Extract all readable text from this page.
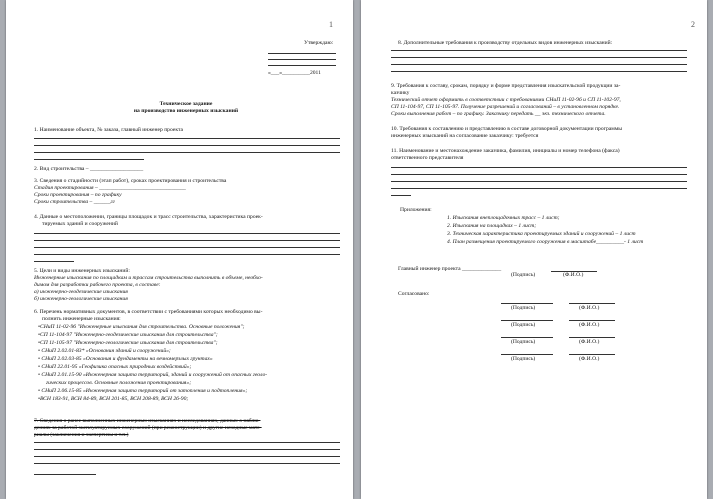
1
Утверждаю:
«___»__________2011
Техническое задание
на производство инженерных изысканий
1. Наименование объекта, № заказа, главный инженер проекта
2. Вид строительства – ___________________
3. Сведения о стадийности (этап работ), сроках проектирования и строительства
Стадия проектирования – _______________________________
Сроки проектирования – по графику
Сроки строительства – ______гг
4. Данные о местоположении, границы площадок и трасс строительства, характеристика проек-
тируемых зданий и сооружений
5. Цели и виды инженерных изысканий:
Инженерные изыскания по площадкам и трассам строительства выполнить в объеме, необхо-
димом для разработки рабочего проекта, в составе:
а) инженерно-геодезические изыскания
б) инженерно-геологические изыскания
6. Перечень нормативных документов, в соответствии с требованиями которых необходимо вы-
полнить инженерные изыскания:
•СНиП 11-02-96 "Инженерные изыскания для строительства. Основные положения";
•СП 11-104-97 "Инженерно-геодезические изыскания для строительства";
•СП 11-105-97 "Инженерно-геологические изыскания для строительства";
• СНиП 2.02.01-83* «Основания зданий и сооружений»;
• СНиП 2.02.03-85 «Основания и фундаменты на вечномерзлых грунтах»
• СНиП 22.01-95 «Геофизика опасных природных воздействий»;
• СНиП 2.01.15-90 «Инженерная защита территорий, зданий и сооружений от опасных геоло-
гических процессов. Основные положения проектирования»;
• СНиП 2.06.15-85 «Инженерная защита территорий от затопления и подтопления»;
•ВСН 183-91, ВСН 84-89, ВСН 201-85, ВСН 208-89, ВСН 26-90;
7. Сведения о ранее выполненных инженерных изысканиях и исследованиях, данных о наблю-
дениях за работой эксплуатируемых сооружений (при реконструкции) и другие исходные мате-
риалы (заключения и экспертизы и т.п.)
2
8. Дополнительные требования к производству отдельных видов инженерных изысканий:
9. Требования к составу, срокам, порядку и форме представления изыскательской продукции за-
казчику
Технический отчет оформить в соответствии с требованиями СНиП 11-02-96 и СП 11-102-97,
СП 11-104-97, СП 11-105-97. Получение разрешений и согласований – в установленном порядке.
Сроки выполнения работ – по графику. Заказчику передать __ экз. технического отчета.
10. Требования к составлению и представлению в составе договорной документации программы
инженерных изысканий на согласование заказчику: требуется
11. Наименование и местонахождение заказчика, фамилия, инициалы и номер телефона (факса)
ответственного представителя
Приложения:
1. Изыскания внеплощадочных трасс – 1 лист;
2. Изыскания на площадках – 1 лист;
3. Техническая характеристика проектируемых зданий и сооружений – 1 лист
4. План размещения проектируемого сооружения в масштабе__________- 1 лист
Главный инженер проекта ______________
(Подпись)	(Ф.И.О.)
Согласовано:
(Подпись)	(Ф.И.О.)
(Подпись)	(Ф.И.О.)
(Подпись)	(Ф.И.О.)
(Подпись)	(Ф.И.О.)
